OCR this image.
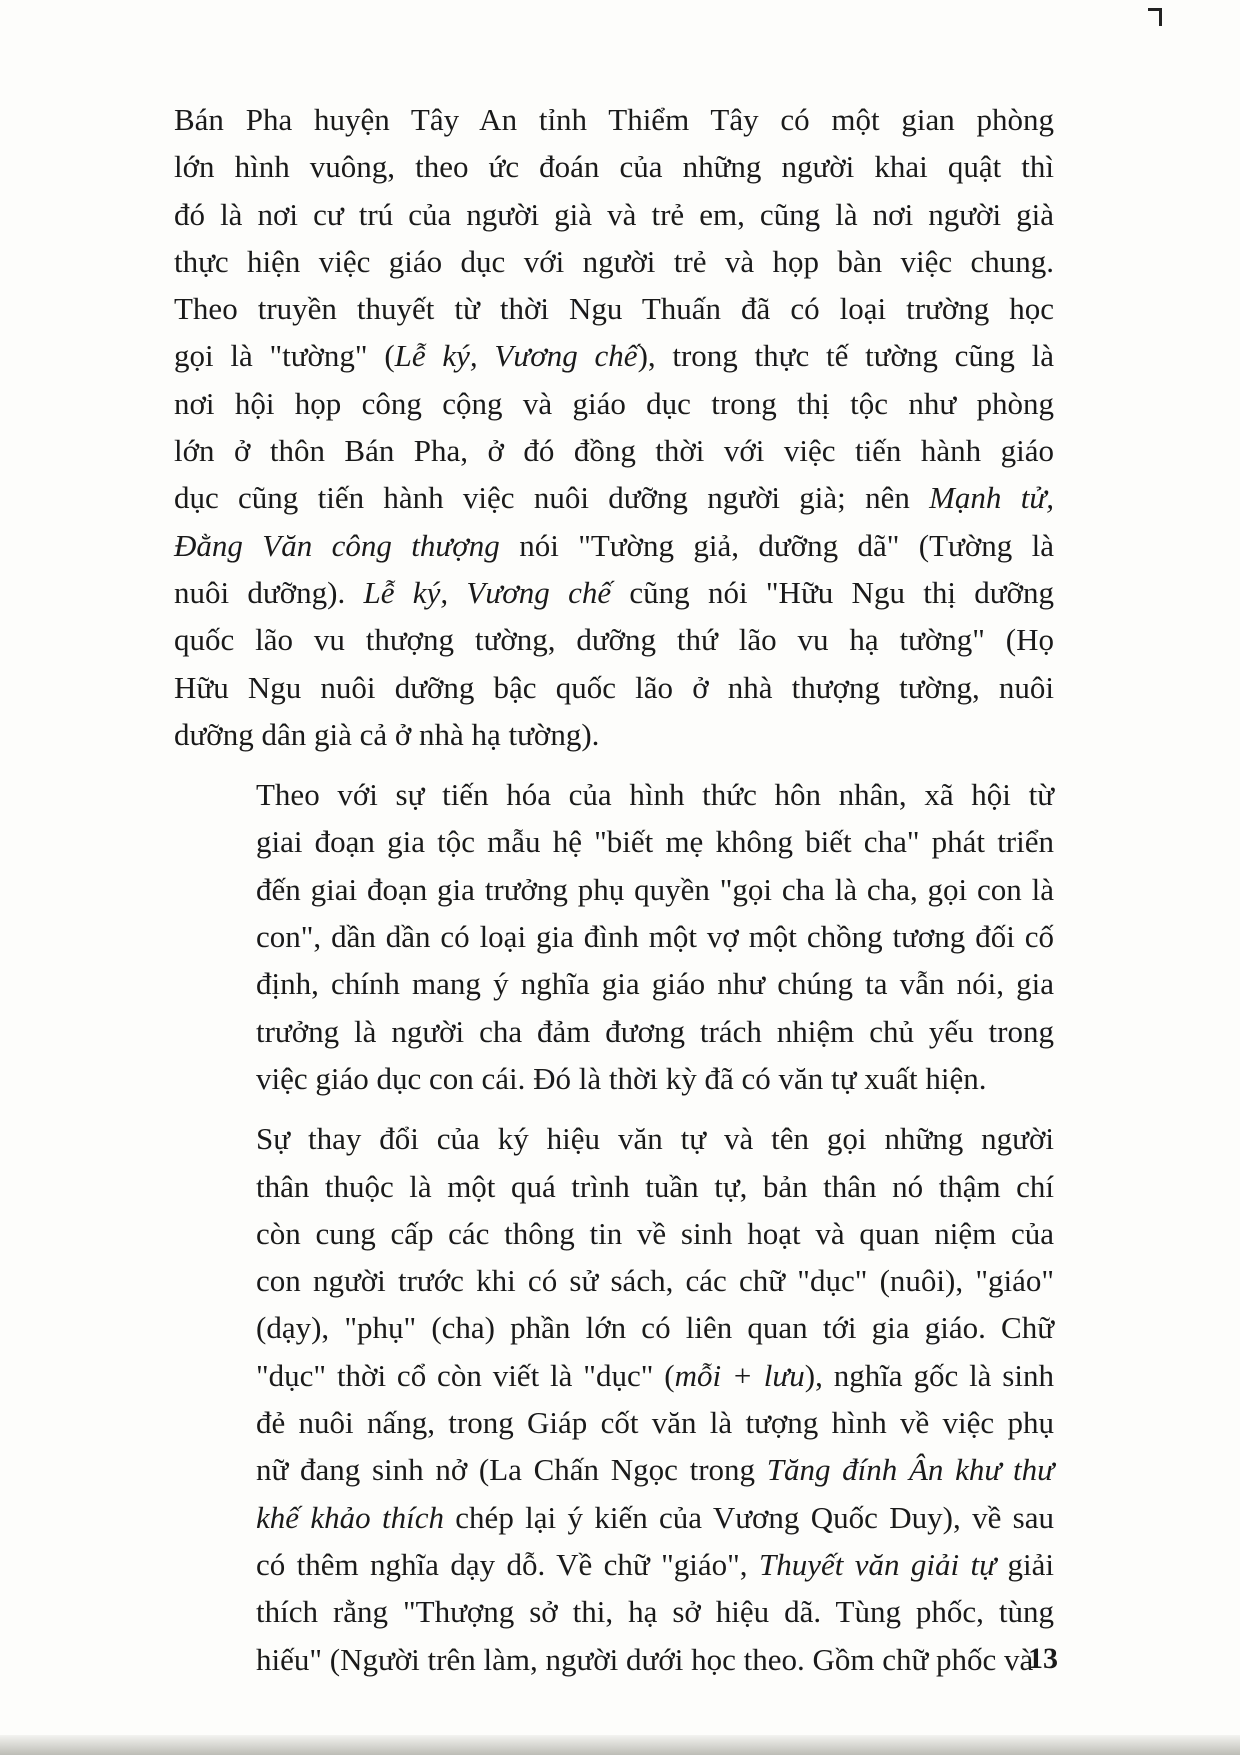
Bán Pha huyện Tây An tỉnh Thiểm Tây có một gian phòng
lớn hình vuông, theo ức đoán của những người khai quật thì
đó là nơi cư trú của người già và trẻ em, cũng là nơi người già
thực hiện việc giáo dục với người trẻ và họp bàn việc chung.
Theo truyền thuyết từ thời Ngu Thuấn đã có loại trường học
gọi là "tường" (Lễ ký, Vương chế), trong thực tế tường cũng là
nơi hội họp công cộng và giáo dục trong thị tộc như phòng
lớn ở thôn Bán Pha, ở đó đồng thời với việc tiến hành giáo
dục cũng tiến hành việc nuôi dưỡng người già; nên Mạnh tử,
Đằng Văn công thượng nói "Tường giả, dưỡng dã" (Tường là
nuôi dưỡng). Lễ ký, Vương chế cũng nói "Hữu Ngu thị dưỡng
quốc lão vu thượng tường, dưỡng thứ lão vu hạ tường" (Họ
Hữu Ngu nuôi dưỡng bậc quốc lão ở nhà thượng tường, nuôi
dưỡng dân già cả ở nhà hạ tường).

Theo với sự tiến hóa của hình thức hôn nhân, xã hội từ
giai đoạn gia tộc mẫu hệ "biết mẹ không biết cha" phát triển
đến giai đoạn gia trưởng phụ quyền "gọi cha là cha, gọi con là
con", dần dần có loại gia đình một vợ một chồng tương đối cố
định, chính mang ý nghĩa gia giáo như chúng ta vẫn nói, gia
trưởng là người cha đảm đương trách nhiệm chủ yếu trong
việc giáo dục con cái. Đó là thời kỳ đã có văn tự xuất hiện.

Sự thay đổi của ký hiệu văn tự và tên gọi những người
thân thuộc là một quá trình tuần tự, bản thân nó thậm chí
còn cung cấp các thông tin về sinh hoạt và quan niệm của
con người trước khi có sử sách, các chữ "dục" (nuôi), "giáo"
(dạy), "phụ" (cha) phần lớn có liên quan tới gia giáo. Chữ
"dục" thời cổ còn viết là "dục" (mỗi + lưu), nghĩa gốc là sinh
đẻ nuôi nấng, trong Giáp cốt văn là tượng hình về việc phụ
nữ đang sinh nở (La Chấn Ngọc trong Tăng đính Ân khư thư
khế khảo thích chép lại ý kiến của Vương Quốc Duy), về sau
có thêm nghĩa dạy dỗ. Về chữ "giáo", Thuyết văn giải tự giải
thích rằng "Thượng sở thi, hạ sở hiệu dã. Tùng phốc, tùng
hiếu" (Người trên làm, người dưới học theo. Gồm chữ phốc và

13
